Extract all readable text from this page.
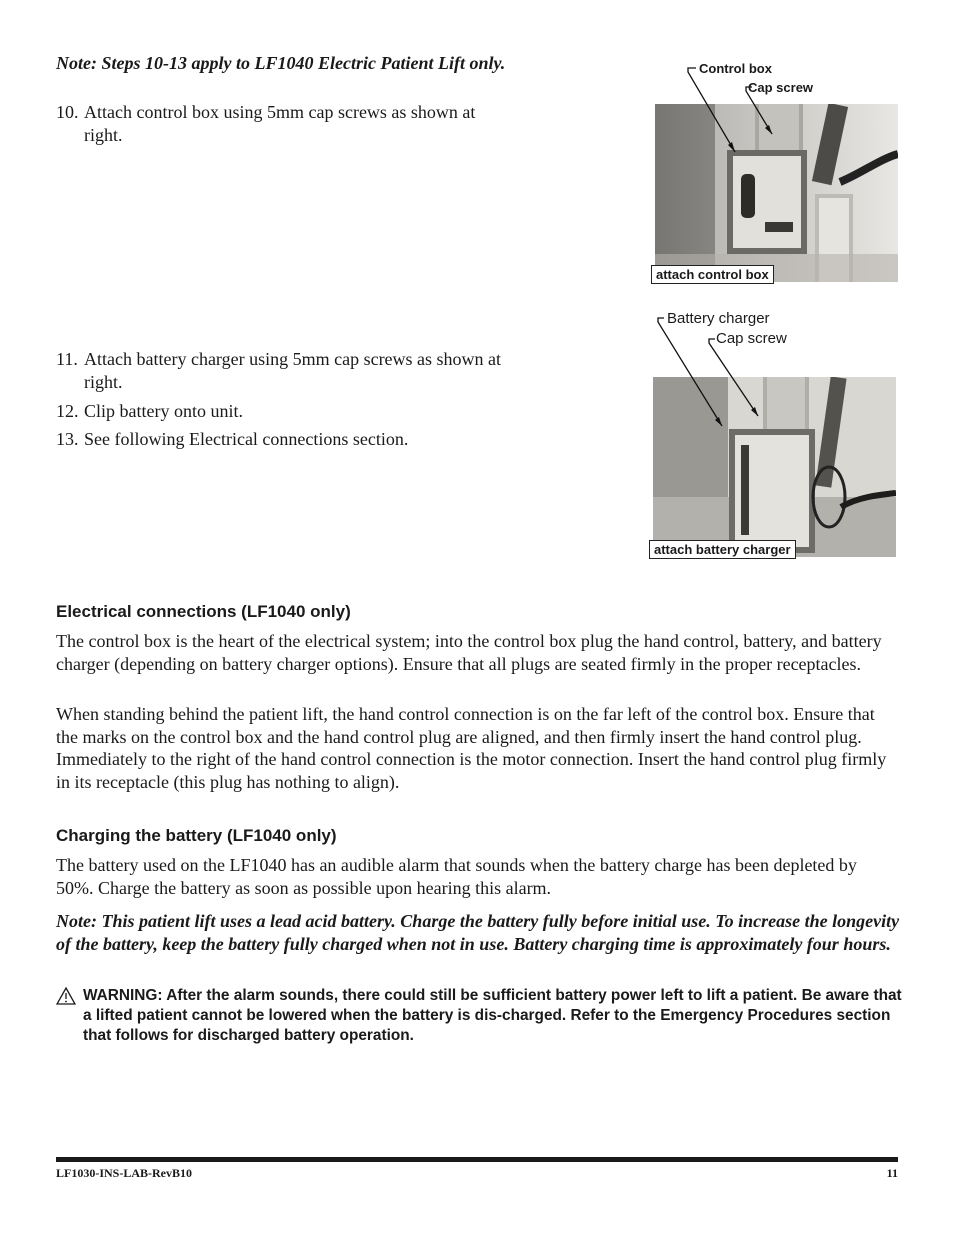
Note: Steps 10-13 apply to LF1040 Electric Patient Lift only.
10. Attach control box using 5mm cap screws as shown at right.
11. Attach battery charger using 5mm cap screws as shown at right.
12. Clip battery onto unit.
13. See following Electrical connections section.
Control box
Cap screw
attach control box
Battery charger
Cap screw
attach battery charger
Electrical connections (LF1040 only)
The control box is the heart of the electrical system; into the control box plug the hand control, battery, and battery charger (depending on battery charger options). Ensure that all plugs are seated firmly in the proper receptacles.
When standing behind the patient lift, the hand control connection is on the far left of the control box. Ensure that the marks on the control box and the hand control plug are aligned, and then firmly insert the hand control plug. Immediately to the right of the hand control connection is the motor connection. Insert the hand control plug firmly in its receptacle (this plug has nothing to align).
Charging the battery (LF1040 only)
The battery used on the LF1040 has an audible alarm that sounds when the battery charge has been depleted by 50%. Charge the battery as soon as possible upon hearing this alarm.
Note: This patient lift uses a lead acid battery. Charge the battery fully before initial use. To increase the longevity of the battery, keep the battery fully charged when not in use. Battery charging time is approximately four hours.
WARNING: After the alarm sounds, there could still be sufficient battery power left to lift a patient. Be aware that a lifted patient cannot be lowered when the battery is dis-charged. Refer to the Emergency Procedures section that follows for discharged battery operation.
LF1030-INS-LAB-RevB10	11
